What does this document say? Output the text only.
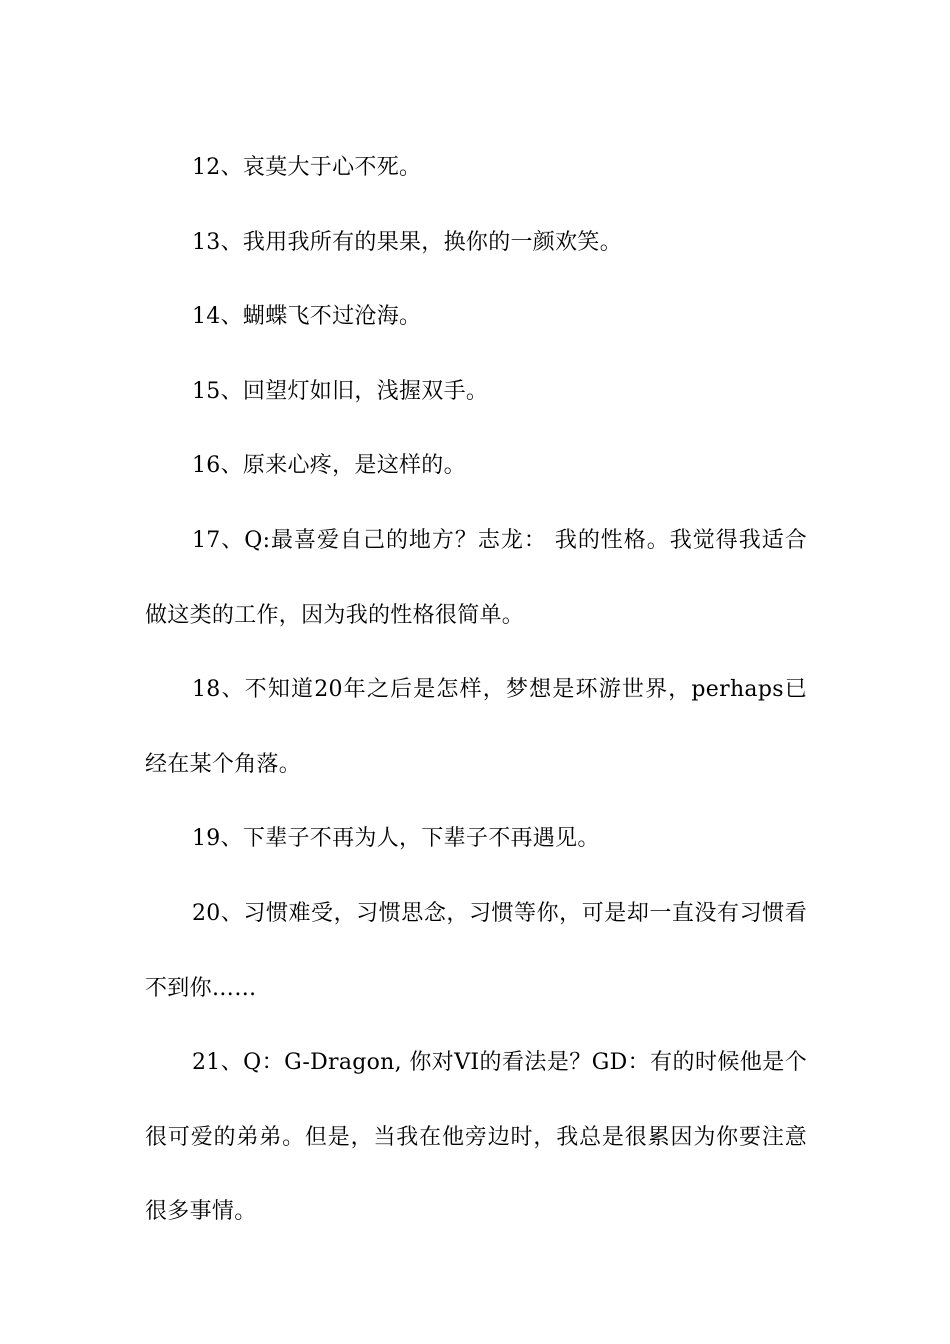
12、哀莫大于心不死。

13、我用我所有的果果，换你的一颜欢笑。

14、蝴蝶飞不过沧海。

15、回望灯如旧，浅握双手。

16、原来心疼，是这样的。

17、Q:最喜爱自己的地方？志龙： 我的性格。我觉得我适合做这类的工作，因为我的性格很简单。

18、不知道20年之后是怎样，梦想是环游世界，perhaps已经在某个角落。

19、下辈子不再为人，下辈子不再遇见。

20、习惯难受，习惯思念，习惯等你，可是却一直没有习惯看不到你……

21、Q：G-Dragon, 你对VI的看法是？GD：有的时候他是个很可爱的弟弟。但是，当我在他旁边时，我总是很累因为你要注意很多事情。
